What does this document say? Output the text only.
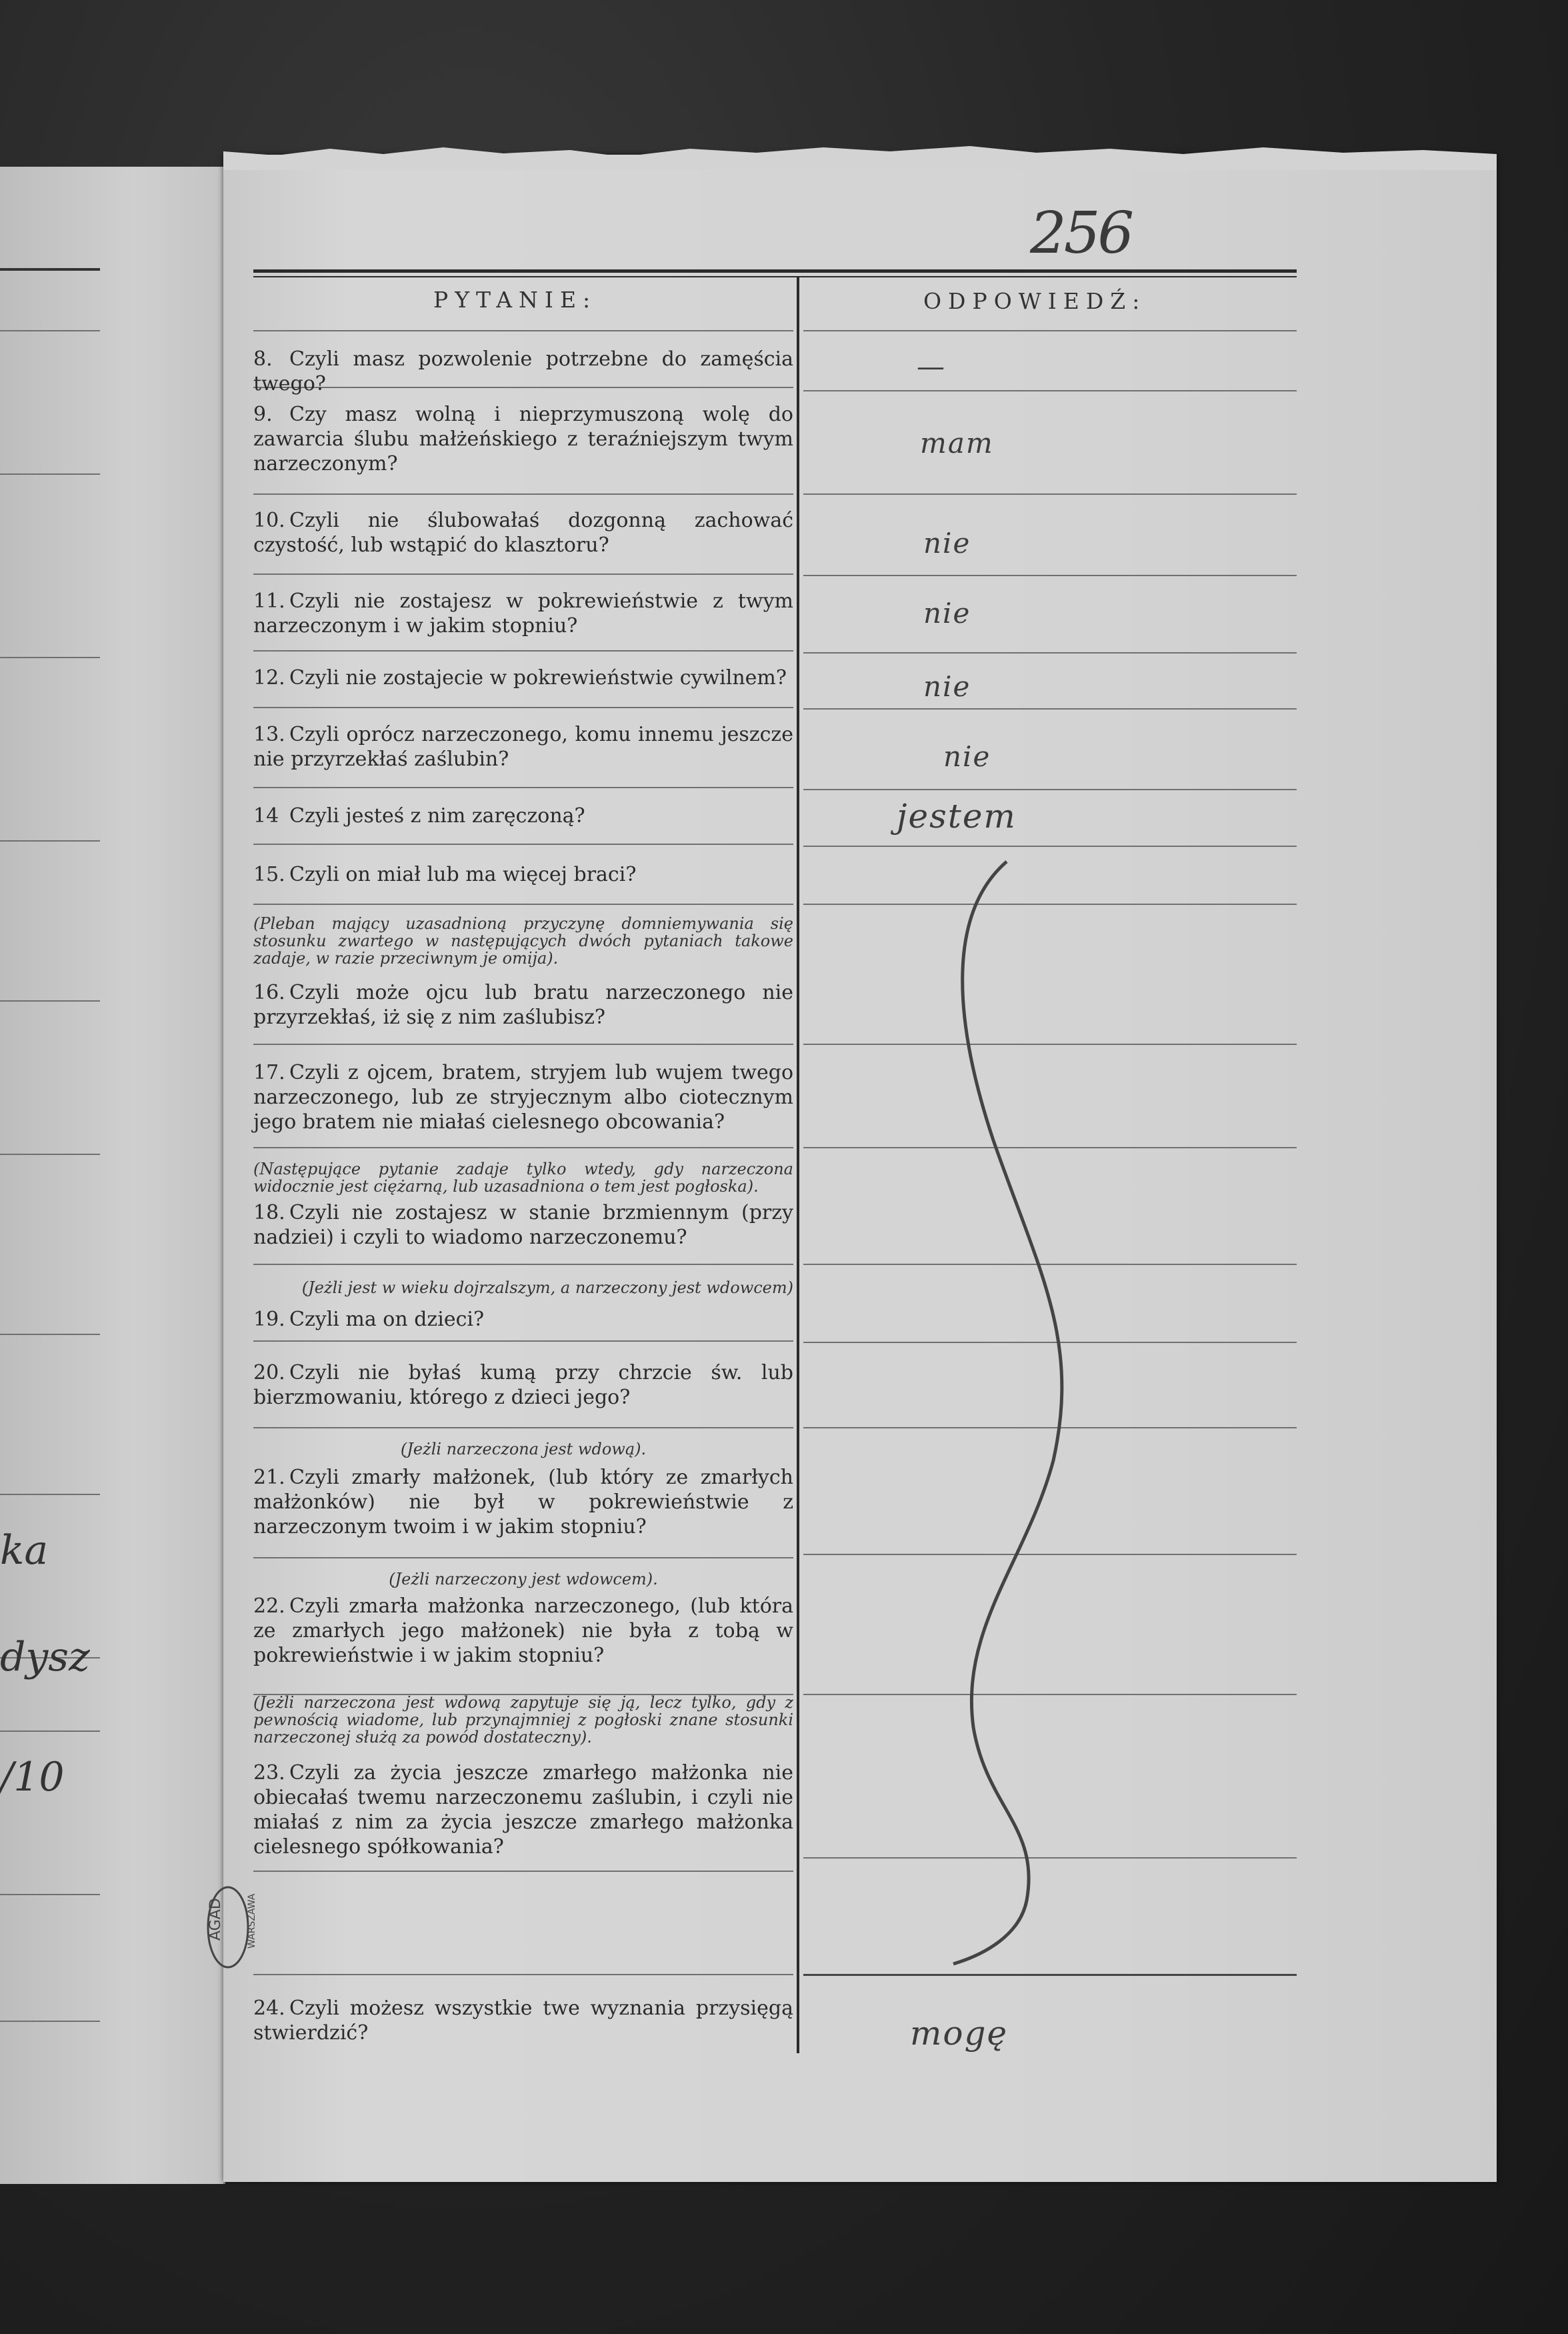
ka
dysz
/10
256
PYTANIE:	ODPOWIEDŹ:
8. Czyli masz pozwolenie potrzebne do zamęścia twego?
9. Czy masz wolną i nieprzymuszoną wolę do zawarcia ślubu małżeńskiego z teraźniejszym twym narzeczonym?
10. Czyli nie ślubowałaś dozgonną zachować czystość, lub wstąpić do klasztoru?
11. Czyli nie zostajesz w pokrewieństwie z twym narzeczonym i w jakim stopniu?
12. Czyli nie zostajecie w pokrewieństwie cywilnem?
13. Czyli oprócz narzeczonego, komu innemu jeszcze nie przyrzekłaś zaślubin?
14 Czyli jesteś z nim zaręczoną?
15. Czyli on miał lub ma więcej braci?
(Pleban mający uzasadnioną przyczynę domniemywania się stosunku zwartego w następujących dwóch pytaniach takowe zadaje, w razie przeciwnym je omija).
16. Czyli może ojcu lub bratu narzeczonego nie przyrzekłaś, iż się z nim zaślubisz?
17. Czyli z ojcem, bratem, stryjem lub wujem twego narzeczonego, lub ze stryjecznym albo ciotecznym jego bratem nie miałaś cielesnego obcowania?
(Następujące pytanie zadaje tylko wtedy, gdy narzeczona widocznie jest ciężarną, lub uzasadniona o tem jest pogłoska).
18. Czyli nie zostajesz w stanie brzmiennym (przy nadziei) i czyli to wiadomo narzeczonemu?
(Jeżli jest w wieku dojrzalszym, a narzeczony jest wdowcem)
19. Czyli ma on dzieci?
20. Czyli nie byłaś kumą przy chrzcie św. lub bierzmowaniu, którego z dzieci jego?
(Jeżli narzeczona jest wdową).
21. Czyli zmarły małżonek, (lub który ze zmarłych małżonków) nie był w pokrewieństwie z narzeczonym twoim i w jakim stopniu?
(Jeżli narzeczony jest wdowcem).
22. Czyli zmarła małżonka narzeczonego, (lub która ze zmarłych jego małżonek) nie była z tobą w pokrewieństwie i w jakim stopniu?
(Jeżli narzeczona jest wdową zapytuje się ją, lecz tylko, gdy z pewnością wiadome, lub przynajmniej z pogłoski znane stosunki narzeczonej służą za powód dostateczny).
23. Czyli za życia jeszcze zmarłego małżonka nie obiecałaś twemu narzeczonemu zaślubin, i czyli nie miałaś z nim za życia jeszcze zmarłego małżonka cielesnego spółkowania?
24. Czyli możesz wszystkie twe wyznania przysięgą stwierdzić?
—
mam
nie
nie
nie
nie
jestem
mogę
AGAD WARSZAWA
